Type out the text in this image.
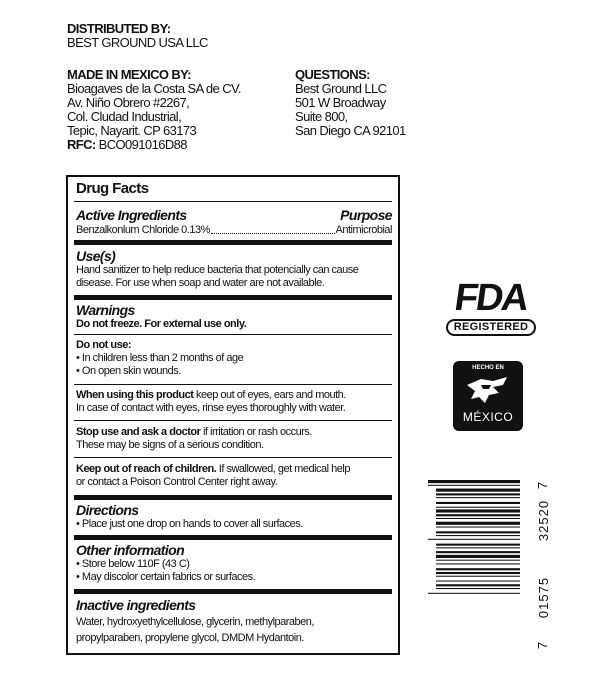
DISTRIBUTED BY:
BEST GROUND USA LLC
MADE IN MEXICO BY:
Bioagaves de la Costa SA de CV.
Av. Niño Obrero #2267,
Col. Cludad Industrial,
Tepic, Nayarit. CP 63173
RFC: BCO091016D88
QUESTIONS:
Best Ground LLC
501 W Broadway
Suite 800,
San Diego CA 92101
Drug Facts
Active Ingredients	Purpose
Benzalkonlum Chloride 0.13%	Antimicrobial
Use(s)
Hand sanitizer to help reduce bacteria that potencially can cause
disease. For use when soap and water are not available.
Warnings
Do not freeze. For external use only.
Do not use:
• In children less than 2 months of age
• On open skin wounds.
When using this product keep out of eyes, ears and mouth.
In case of contact with eyes, rinse eyes thoroughly with water.
Stop use and ask a doctor if irritation or rash occurs.
These may be signs of a serious condition.
Keep out of reach of children. If swallowed, get medical help
or contact a Poison Control Center right away.
Directions
• Place just one drop on hands to cover all surfaces.
Other information
• Store below 110F (43 C)
• May discolor certain fabrics or surfaces.
Inactive ingredients
Water, hydroxyethylcellulose, glycerin, methylparaben,
propylparaben, propylene glycol, DMDM Hydantoin.
FDA
REGISTERED
HECHO EN
MÉXICO
7
32520
01575
7
